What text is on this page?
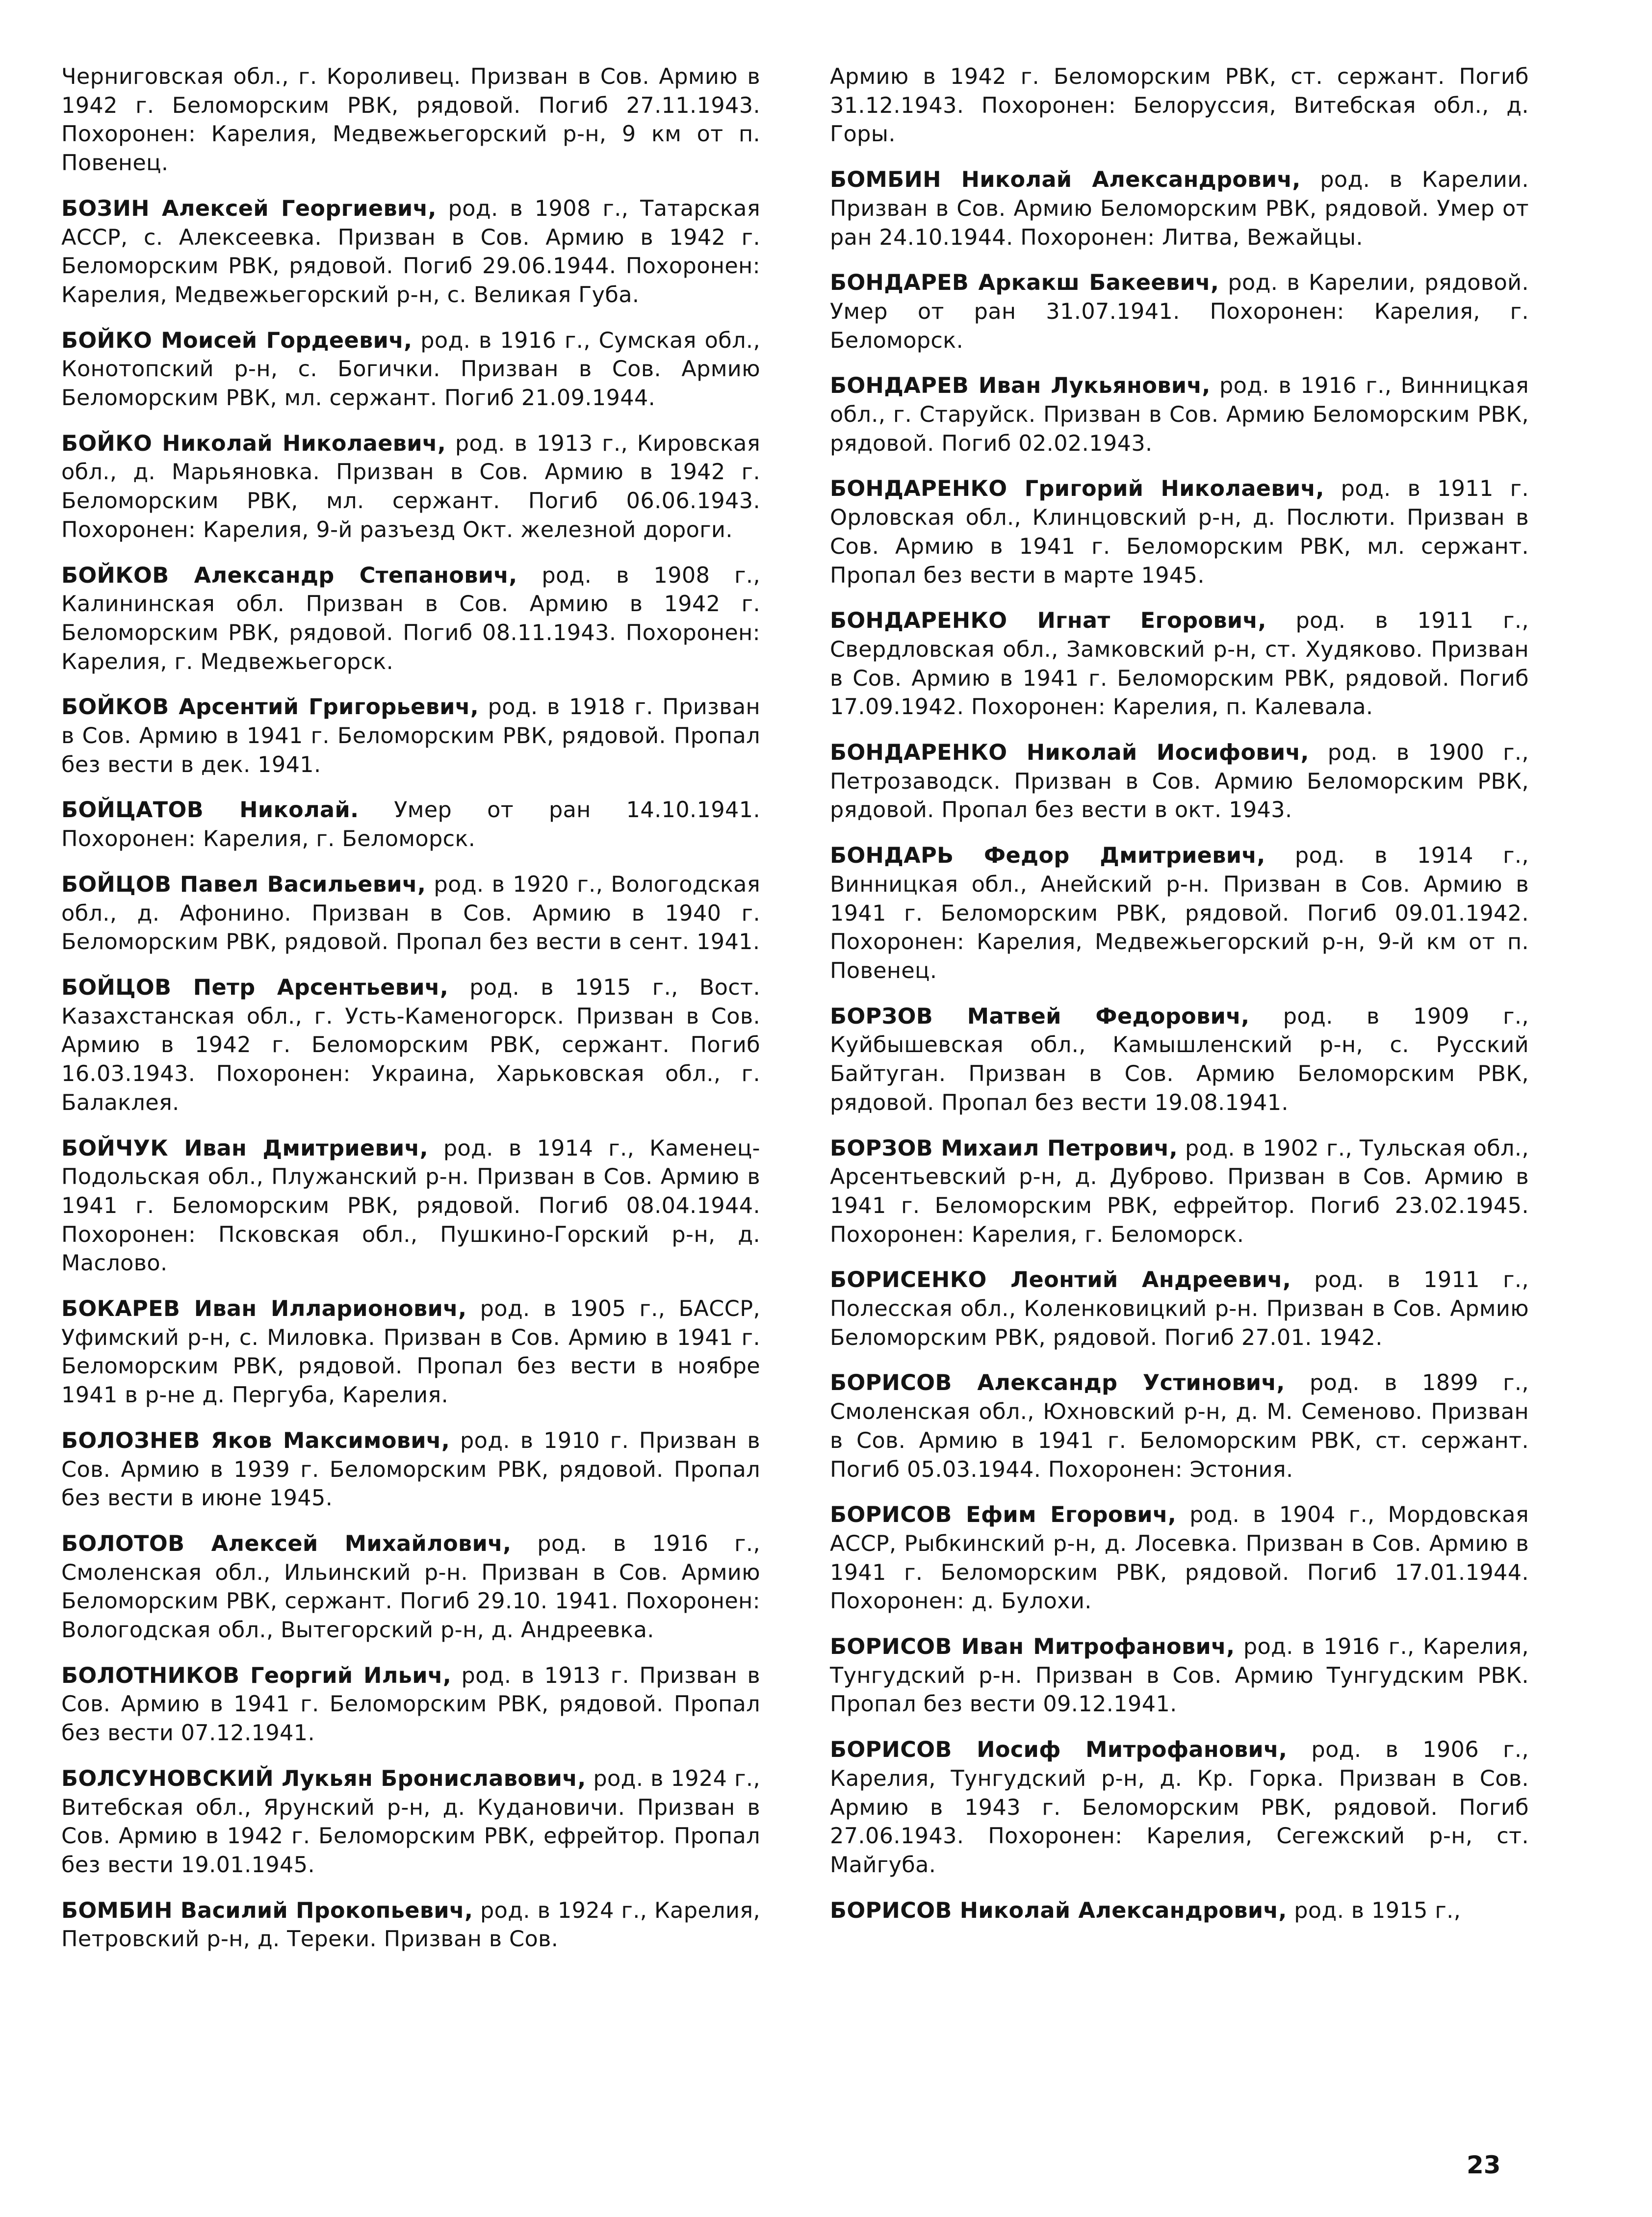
Черниговская обл., г. Короливец. Призван в Сов. Армию в 1942 г. Беломорским РВК, рядовой. Погиб 27.11.1943. Похоронен: Карелия, Медвежьегорский р-н, 9 км от п. Повенец.

БОЗИН Алексей Георгиевич, род. в 1908 г., Татарская АССР, с. Алексеевка. Призван в Сов. Армию в 1942 г. Беломорским РВК, рядовой. Погиб 29.06.1944. Похоронен: Карелия, Медвежьегорский р-н, с. Великая Губа.

БОЙКО Моисей Гордеевич, род. в 1916 г., Сумская обл., Конотопский р-н, с. Богички. Призван в Сов. Армию Беломорским РВК, мл. сержант. Погиб 21.09.1944.

БОЙКО Николай Николаевич, род. в 1913 г., Кировская обл., д. Марьяновка. Призван в Сов. Армию в 1942 г. Беломорским РВК, мл. сержант. Погиб 06.06.1943. Похоронен: Карелия, 9-й разъезд Окт. железной дороги.

БОЙКОВ Александр Степанович, род. в 1908 г., Калининская обл. Призван в Сов. Армию в 1942 г. Беломорским РВК, рядовой. Погиб 08.11.1943. Похоронен: Карелия, г. Медвежьегорск.

БОЙКОВ Арсентий Григорьевич, род. в 1918 г. Призван в Сов. Армию в 1941 г. Беломорским РВК, рядовой. Пропал без вести в дек. 1941.

БОЙЦАТОВ Николай. Умер от ран 14.10.1941. Похоронен: Карелия, г. Беломорск.

БОЙЦОВ Павел Васильевич, род. в 1920 г., Вологодская обл., д. Афонино. Призван в Сов. Армию в 1940 г. Беломорским РВК, рядовой. Пропал без вести в сент. 1941.

БОЙЦОВ Петр Арсентьевич, род. в 1915 г., Вост. Казахстанская обл., г. Усть-Каменогорск. Призван в Сов. Армию в 1942 г. Беломорским РВК, сержант. Погиб 16.03.1943. Похоронен: Украина, Харьковская обл., г. Балаклея.

БОЙЧУК Иван Дмитриевич, род. в 1914 г., Каменец-Подольская обл., Плужанский р-н. Призван в Сов. Армию в 1941 г. Беломорским РВК, рядовой. Погиб 08.04.1944. Похоронен: Псковская обл., Пушкино-Горский р-н, д. Маслово.

БОКАРЕВ Иван Илларионович, род. в 1905 г., БАССР, Уфимский р-н, с. Миловка. Призван в Сов. Армию в 1941 г. Беломорским РВК, рядовой. Пропал без вести в ноябре 1941 в р-не д. Пергуба, Карелия.

БОЛОЗНЕВ Яков Максимович, род. в 1910 г. Призван в Сов. Армию в 1939 г. Беломорским РВК, рядовой. Пропал без вести в июне 1945.

БОЛОТОВ Алексей Михайлович, род. в 1916 г., Смоленская обл., Ильинский р-н. Призван в Сов. Армию Беломорским РВК, сержант. Погиб 29.10. 1941. Похоронен: Вологодская обл., Вытегорский р-н, д. Андреевка.

БОЛОТНИКОВ Георгий Ильич, род. в 1913 г. Призван в Сов. Армию в 1941 г. Беломорским РВК, рядовой. Пропал без вести 07.12.1941.

БОЛСУНОВСКИЙ Лукьян Брониславович, род. в 1924 г., Витебская обл., Ярунский р-н, д. Кудановичи. Призван в Сов. Армию в 1942 г. Беломорским РВК, ефрейтор. Пропал без вести 19.01.1945.

БОМБИН Василий Прокопьевич, род. в 1924 г., Карелия, Петровский р-н, д. Тереки. Призван в Сов.

Армию в 1942 г. Беломорским РВК, ст. сержант. Погиб 31.12.1943. Похоронен: Белоруссия, Витебская обл., д. Горы.

БОМБИН Николай Александрович, род. в Карелии. Призван в Сов. Армию Беломорским РВК, рядовой. Умер от ран 24.10.1944. Похоронен: Литва, Вежайцы.

БОНДАРЕВ Аркакш Бакеевич, род. в Карелии, рядовой. Умер от ран 31.07.1941. Похоронен: Карелия, г. Беломорск.

БОНДАРЕВ Иван Лукьянович, род. в 1916 г., Винницкая обл., г. Старуйск. Призван в Сов. Армию Беломорским РВК, рядовой. Погиб 02.02.1943.

БОНДАРЕНКО Григорий Николаевич, род. в 1911 г. Орловская обл., Клинцовский р-н, д. Послюти. Призван в Сов. Армию в 1941 г. Беломорским РВК, мл. сержант. Пропал без вести в марте 1945.

БОНДАРЕНКО Игнат Егорович, род. в 1911 г., Свердловская обл., Замковский р-н, ст. Худяково. Призван в Сов. Армию в 1941 г. Беломорским РВК, рядовой. Погиб 17.09.1942. Похоронен: Карелия, п. Калевала.

БОНДАРЕНКО Николай Иосифович, род. в 1900 г., Петрозаводск. Призван в Сов. Армию Беломорским РВК, рядовой. Пропал без вести в окт. 1943.

БОНДАРЬ Федор Дмитриевич, род. в 1914 г., Винницкая обл., Анейский р-н. Призван в Сов. Армию в 1941 г. Беломорским РВК, рядовой. Погиб 09.01.1942. Похоронен: Карелия, Медвежьегорский р-н, 9-й км от п. Повенец.

БОРЗОВ Матвей Федорович, род. в 1909 г., Куйбышевская обл., Камышленский р-н, с. Русский Байтуган. Призван в Сов. Армию Беломорским РВК, рядовой. Пропал без вести 19.08.1941.

БОРЗОВ Михаил Петрович, род. в 1902 г., Тульская обл., Арсентьевский р-н, д. Дуброво. Призван в Сов. Армию в 1941 г. Беломорским РВК, ефрейтор. Погиб 23.02.1945. Похоронен: Карелия, г. Беломорск.

БОРИСЕНКО Леонтий Андреевич, род. в 1911 г., Полесская обл., Коленковицкий р-н. Призван в Сов. Армию Беломорским РВК, рядовой. Погиб 27.01. 1942.

БОРИСОВ Александр Устинович, род. в 1899 г., Смоленская обл., Юхновский р-н, д. М. Семеново. Призван в Сов. Армию в 1941 г. Беломорским РВК, ст. сержант. Погиб 05.03.1944. Похоронен: Эстония.

БОРИСОВ Ефим Егорович, род. в 1904 г., Мордовская АССР, Рыбкинский р-н, д. Лосевка. Призван в Сов. Армию в 1941 г. Беломорским РВК, рядовой. Погиб 17.01.1944. Похоронен: д. Булохи.

БОРИСОВ Иван Митрофанович, род. в 1916 г., Карелия, Тунгудский р-н. Призван в Сов. Армию Тунгудским РВК. Пропал без вести 09.12.1941.

БОРИСОВ Иосиф Митрофанович, род. в 1906 г., Карелия, Тунгудский р-н, д. Кр. Горка. Призван в Сов. Армию в 1943 г. Беломорским РВК, рядовой. Погиб 27.06.1943. Похоронен: Карелия, Сегежский р-н, ст. Майгуба.

БОРИСОВ Николай Александрович, род. в 1915 г.,

23
